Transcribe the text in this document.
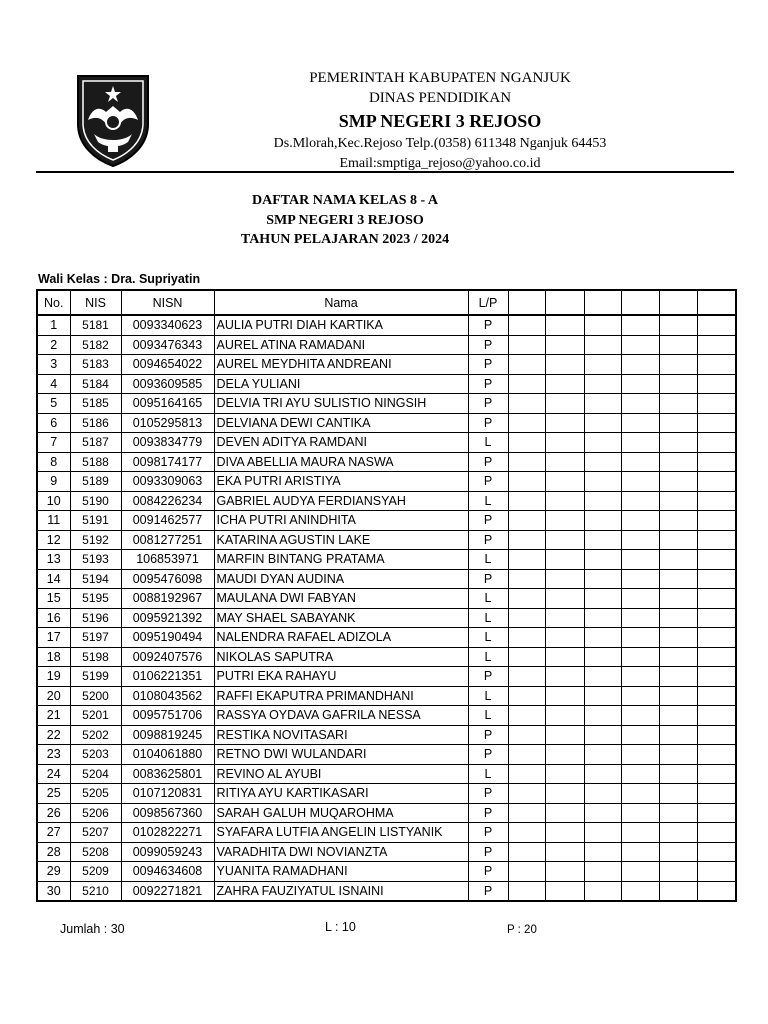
PEMERINTAH KABUPATEN NGANJUK
DINAS PENDIDIKAN
SMP NEGERI 3 REJOSO
Ds.Mlorah,Kec.Rejoso Telp.(0358) 611348 Nganjuk 64453
Email:smptiga_rejoso@yahoo.co.id
DAFTAR NAMA KELAS 8 - A
SMP NEGERI 3 REJOSO
TAHUN PELAJARAN 2023 / 2024
Wali Kelas : Dra. Supriyatin
No.	NIS	NISN	Nama	L/P						
1	5181	0093340623	AULIA PUTRI DIAH KARTIKA	P						
2	5182	0093476343	AUREL ATINA RAMADANI	P						
3	5183	0094654022	AUREL MEYDHITA ANDREANI	P						
4	5184	0093609585	DELA YULIANI	P						
5	5185	0095164165	DELVIA TRI AYU SULISTIO NINGSIH	P						
6	5186	0105295813	DELVIANA DEWI CANTIKA	P						
7	5187	0093834779	DEVEN ADITYA RAMDANI	L						
8	5188	0098174177	DIVA ABELLIA MAURA NASWA	P						
9	5189	0093309063	EKA PUTRI ARISTIYA	P						
10	5190	0084226234	GABRIEL AUDYA FERDIANSYAH	L						
11	5191	0091462577	ICHA PUTRI ANINDHITA	P						
12	5192	0081277251	KATARINA AGUSTIN LAKE	P						
13	5193	106853971	MARFIN BINTANG PRATAMA	L						
14	5194	0095476098	MAUDI DYAN AUDINA	P						
15	5195	0088192967	MAULANA DWI FABYAN	L						
16	5196	0095921392	MAY SHAEL SABAYANK	L						
17	5197	0095190494	NALENDRA RAFAEL ADIZOLA	L						
18	5198	0092407576	NIKOLAS SAPUTRA	L						
19	5199	0106221351	PUTRI EKA RAHAYU	P						
20	5200	0108043562	RAFFI EKAPUTRA PRIMANDHANI	L						
21	5201	0095751706	RASSYA OYDAVA GAFRILA NESSA	L						
22	5202	0098819245	RESTIKA NOVITASARI	P						
23	5203	0104061880	RETNO DWI WULANDARI	P						
24	5204	0083625801	REVINO AL AYUBI	L						
25	5205	0107120831	RITIYA AYU KARTIKASARI	P						
26	5206	0098567360	SARAH GALUH MUQAROHMA	P						
27	5207	0102822271	SYAFARA LUTFIA ANGELIN LISTYANIK	P						
28	5208	0099059243	VARADHITA DWI NOVIANZTA	P						
29	5209	0094634608	YUANITA RAMADHANI	P						
30	5210	0092271821	ZAHRA FAUZIYATUL ISNAINI	P						
Jumlah : 30	L : 10	P : 20
